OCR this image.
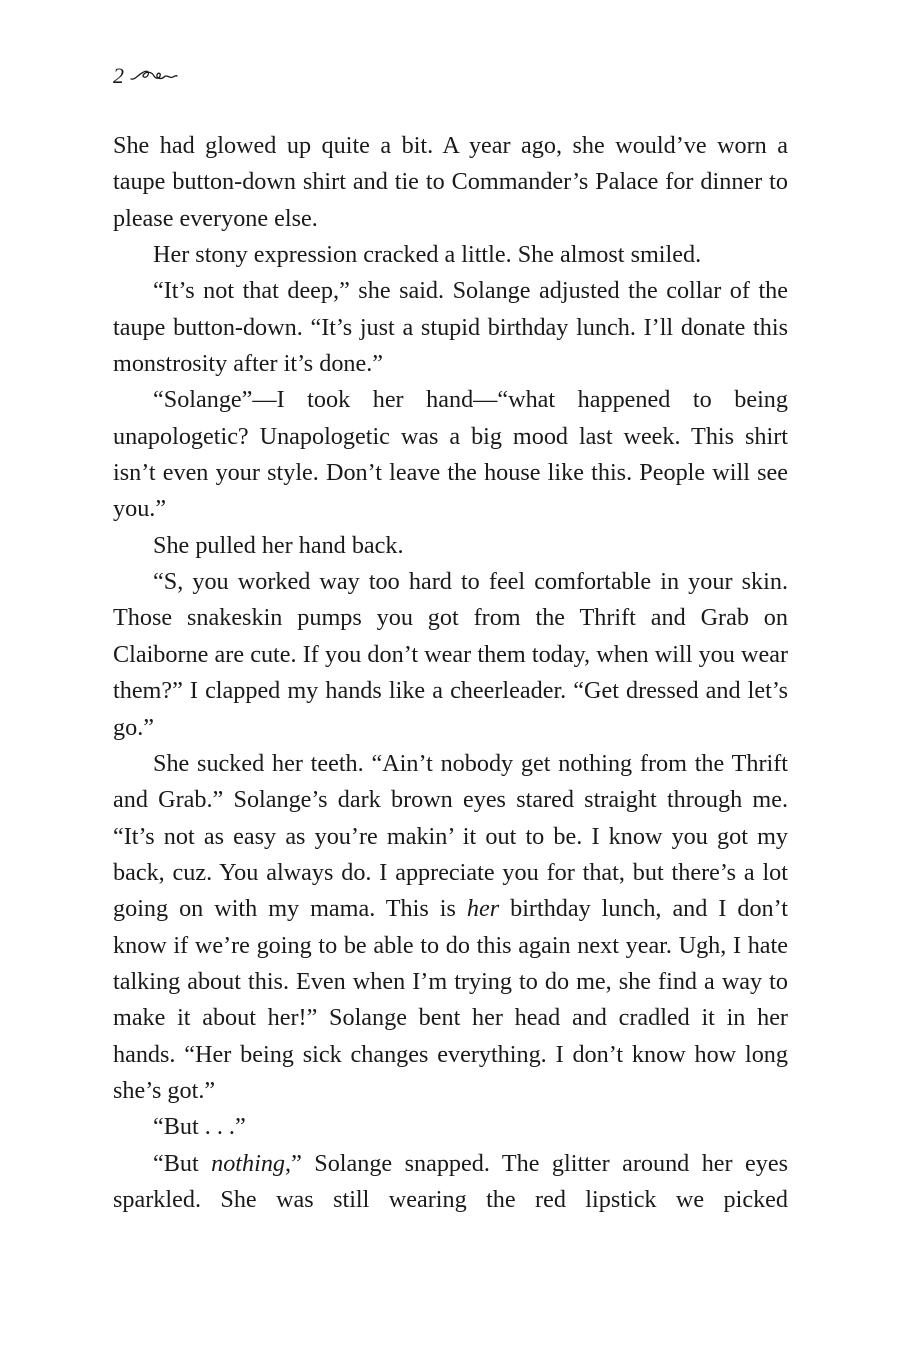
2

She had glowed up quite a bit. A year ago, she would’ve worn a taupe button-down shirt and tie to Commander’s Palace for dinner to please everyone else.

Her stony expression cracked a little. She almost smiled.

“It’s not that deep,” she said. Solange adjusted the collar of the taupe button-down. “It’s just a stupid birthday lunch. I’ll donate this monstrosity after it’s done.”

“Solange”—I took her hand—“what happened to being unapologetic? Unapologetic was a big mood last week. This shirt isn’t even your style. Don’t leave the house like this. People will see you.”

She pulled her hand back.

“S, you worked way too hard to feel comfortable in your skin. Those snakeskin pumps you got from the Thrift and Grab on Claiborne are cute. If you don’t wear them today, when will you wear them?” I clapped my hands like a cheerleader. “Get dressed and let’s go.”

She sucked her teeth. “Ain’t nobody get nothing from the Thrift and Grab.” Solange’s dark brown eyes stared straight through me. “It’s not as easy as you’re makin’ it out to be. I know you got my back, cuz. You always do. I appreciate you for that, but there’s a lot going on with my mama. This is her birthday lunch, and I don’t know if we’re going to be able to do this again next year. Ugh, I hate talking about this. Even when I’m trying to do me, she find a way to make it about her!” Solange bent her head and cradled it in her hands. “Her being sick changes everything. I don’t know how long she’s got.”

“But . . .”

“But nothing,” Solange snapped. The glitter around her eyes sparkled. She was still wearing the red lipstick we picked
